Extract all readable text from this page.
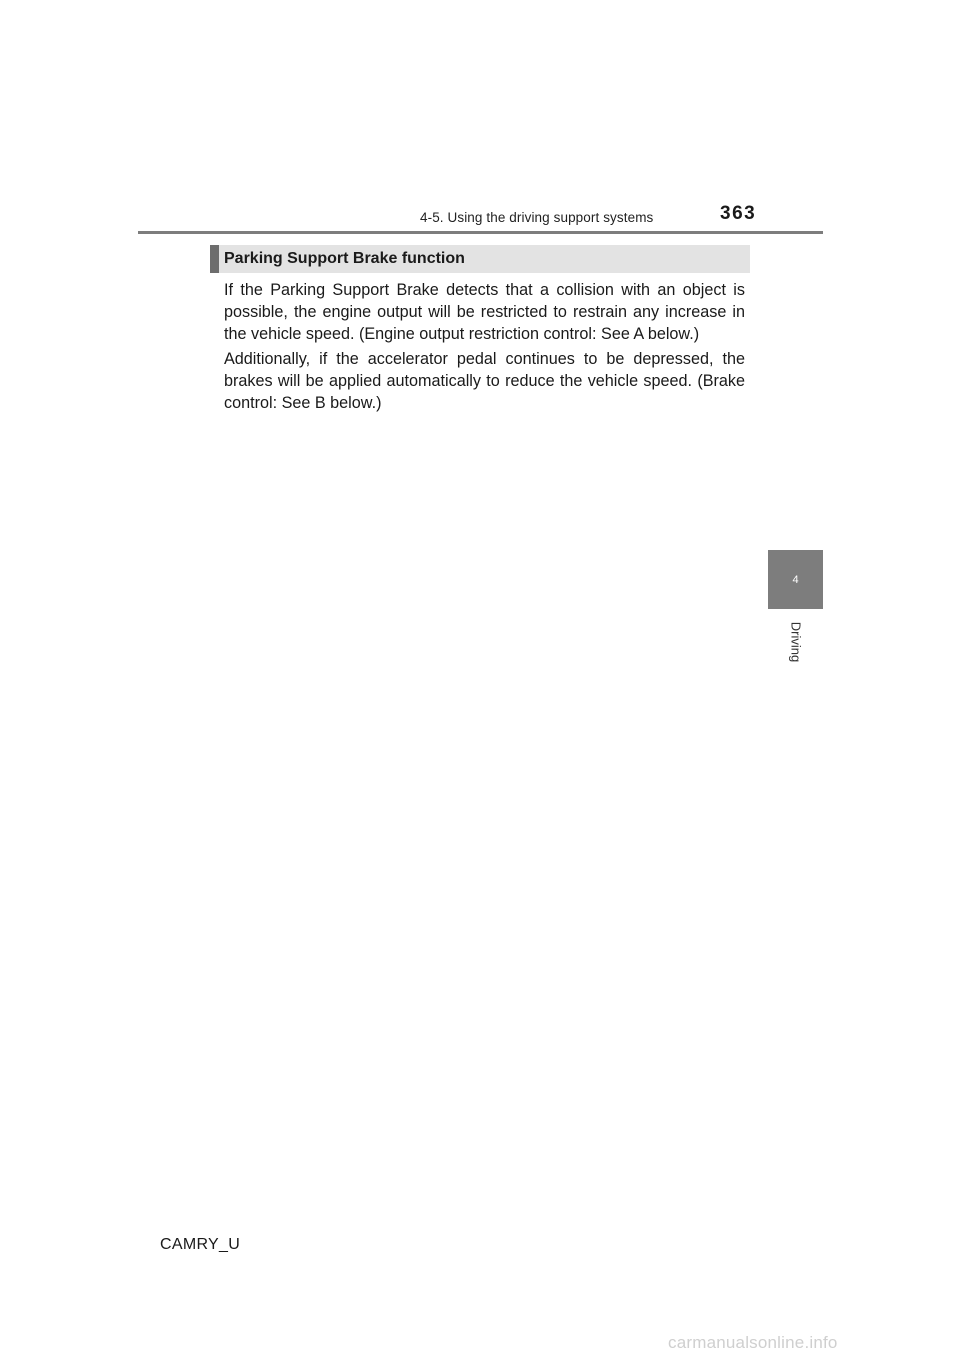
4-5. Using the driving support systems	363
Parking Support Brake function

If the Parking Support Brake detects that a collision with an object is possible, the engine output will be restricted to restrain any increase in the vehicle speed. (Engine output restriction control: See A below.)

Additionally, if the accelerator pedal continues to be depressed, the brakes will be applied automatically to reduce the vehicle speed. (Brake control: See B below.)

4
Driving
CAMRY_U
carmanualsonline.info
